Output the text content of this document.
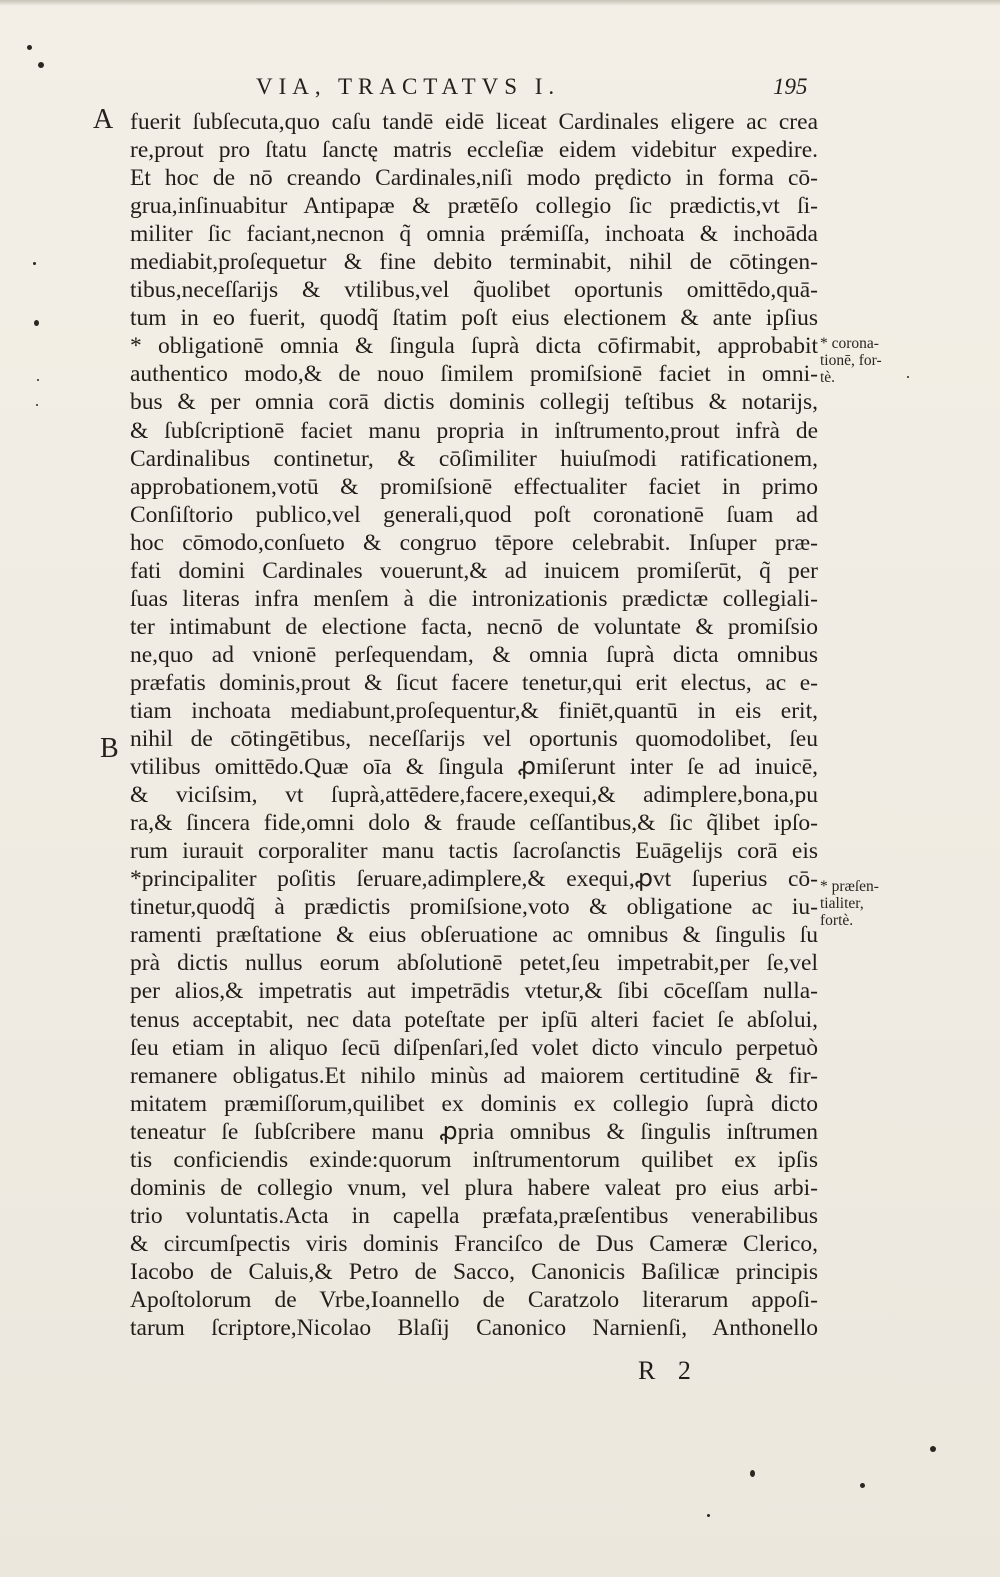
VIA, TRACTATVS I.	195
A
B
fuerit ſubſecuta,quo caſu tandē eidē liceat Cardinales eligere ac crea
re,prout pro ſtatu ſanctę matris eccleſiæ eidem videbitur expedire.
Et hoc de nō creando Cardinales,niſi modo prędicto in forma cō-
grua,inſinuabitur Antipapæ & prætēſo collegio ſic prædictis,vt ſi-
militer ſic faciant,necnon q̃ omnia prǽmiſſa, inchoata & inchoāda
mediabit,proſequetur & fine debito terminabit, nihil de cōtingen-
tibus,neceſſarijs & vtilibus,vel q̃uolibet oportunis omittēdo,quā-
tum in eo fuerit, quodq̃ ſtatim poſt eius electionem & ante ipſius
* obligationē omnia & ſingula ſuprà dicta cōfirmabit, approbabit
authentico modo,& de nouo ſimilem promiſsionē faciet in omni-
bus & per omnia corā dictis dominis collegij teſtibus & notarijs,
& ſubſcriptionē faciet manu propria in inſtrumento,prout infrà de
Cardinalibus continetur, & cōſimiliter huiuſmodi ratificationem,
approbationem,votū & promiſsionē effectualiter faciet in primo
Conſiſtorio publico,vel generali,quod poſt coronationē ſuam ad
hoc cōmodo,conſueto & congruo tēpore celebrabit. Inſuper præ-
fati domini Cardinales vouerunt,& ad inuicem promiſerūt, q̃ per
ſuas literas infra menſem à die intronizationis prædictæ collegiali-
ter intimabunt de electione facta, necnō de voluntate & promiſsio
ne,quo ad vnionē perſequendam, & omnia ſuprà dicta omnibus
præfatis dominis,prout & ſicut facere tenetur,qui erit electus, ac e-
tiam inchoata mediabunt,proſequentur,& finiēt,quantū in eis erit,
nihil de cōtingētibus, neceſſarijs vel oportunis quomodolibet, ſeu
vtilibus omittēdo.Quæ oīa & ſingula ꝓmiſerunt inter ſe ad inuicē,
& viciſsim, vt ſuprà,attēdere,facere,exequi,& adimplere,bona,pu
ra,& ſincera fide,omni dolo & fraude ceſſantibus,& ſic q̃libet ipſo-
rum iurauit corporaliter manu tactis ſacroſanctis Euāgelijs corā eis
*principaliter poſitis ſeruare,adimplere,& exequi,ꝓvt ſuperius cō-
tinetur,quodq̃ à prædictis promiſsione,voto & obligatione ac iu-
ramenti præſtatione & eius obſeruatione ac omnibus & ſingulis ſu
prà dictis nullus eorum abſolutionē petet,ſeu impetrabit,per ſe,vel
per alios,& impetratis aut impetrādis vtetur,& ſibi cōceſſam nulla-
tenus acceptabit, nec data poteſtate per ipſū alteri faciet ſe abſolui,
ſeu etiam in aliquo ſecū diſpenſari,ſed volet dicto vinculo perpetuò
remanere obligatus.Et nihilo minùs ad maiorem certitudinē & fir-
mitatem præmiſſorum,quilibet ex dominis ex collegio ſuprà dicto
teneatur ſe ſubſcribere manu ꝓpria omnibus & ſingulis inſtrumen
tis conficiendis exinde:quorum inſtrumentorum quilibet ex ipſis
dominis de collegio vnum, vel plura habere valeat pro eius arbi-
trio voluntatis.Acta in capella præfata,præſentibus venerabilibus
& circumſpectis viris dominis Franciſco de Dus Cameræ Clerico,
Iacobo de Caluis,& Petro de Sacco, Canonicis Baſilicæ principis
Apoſtolorum de Vrbe,Ioannello de Caratzolo literarum appoſi-
tarum ſcriptore,Nicolao Blaſij Canonico Narnienſi, Anthonello
* corona-
tionē, for-
tè.
* præſen-
tialiter,
fortè.
R 2
